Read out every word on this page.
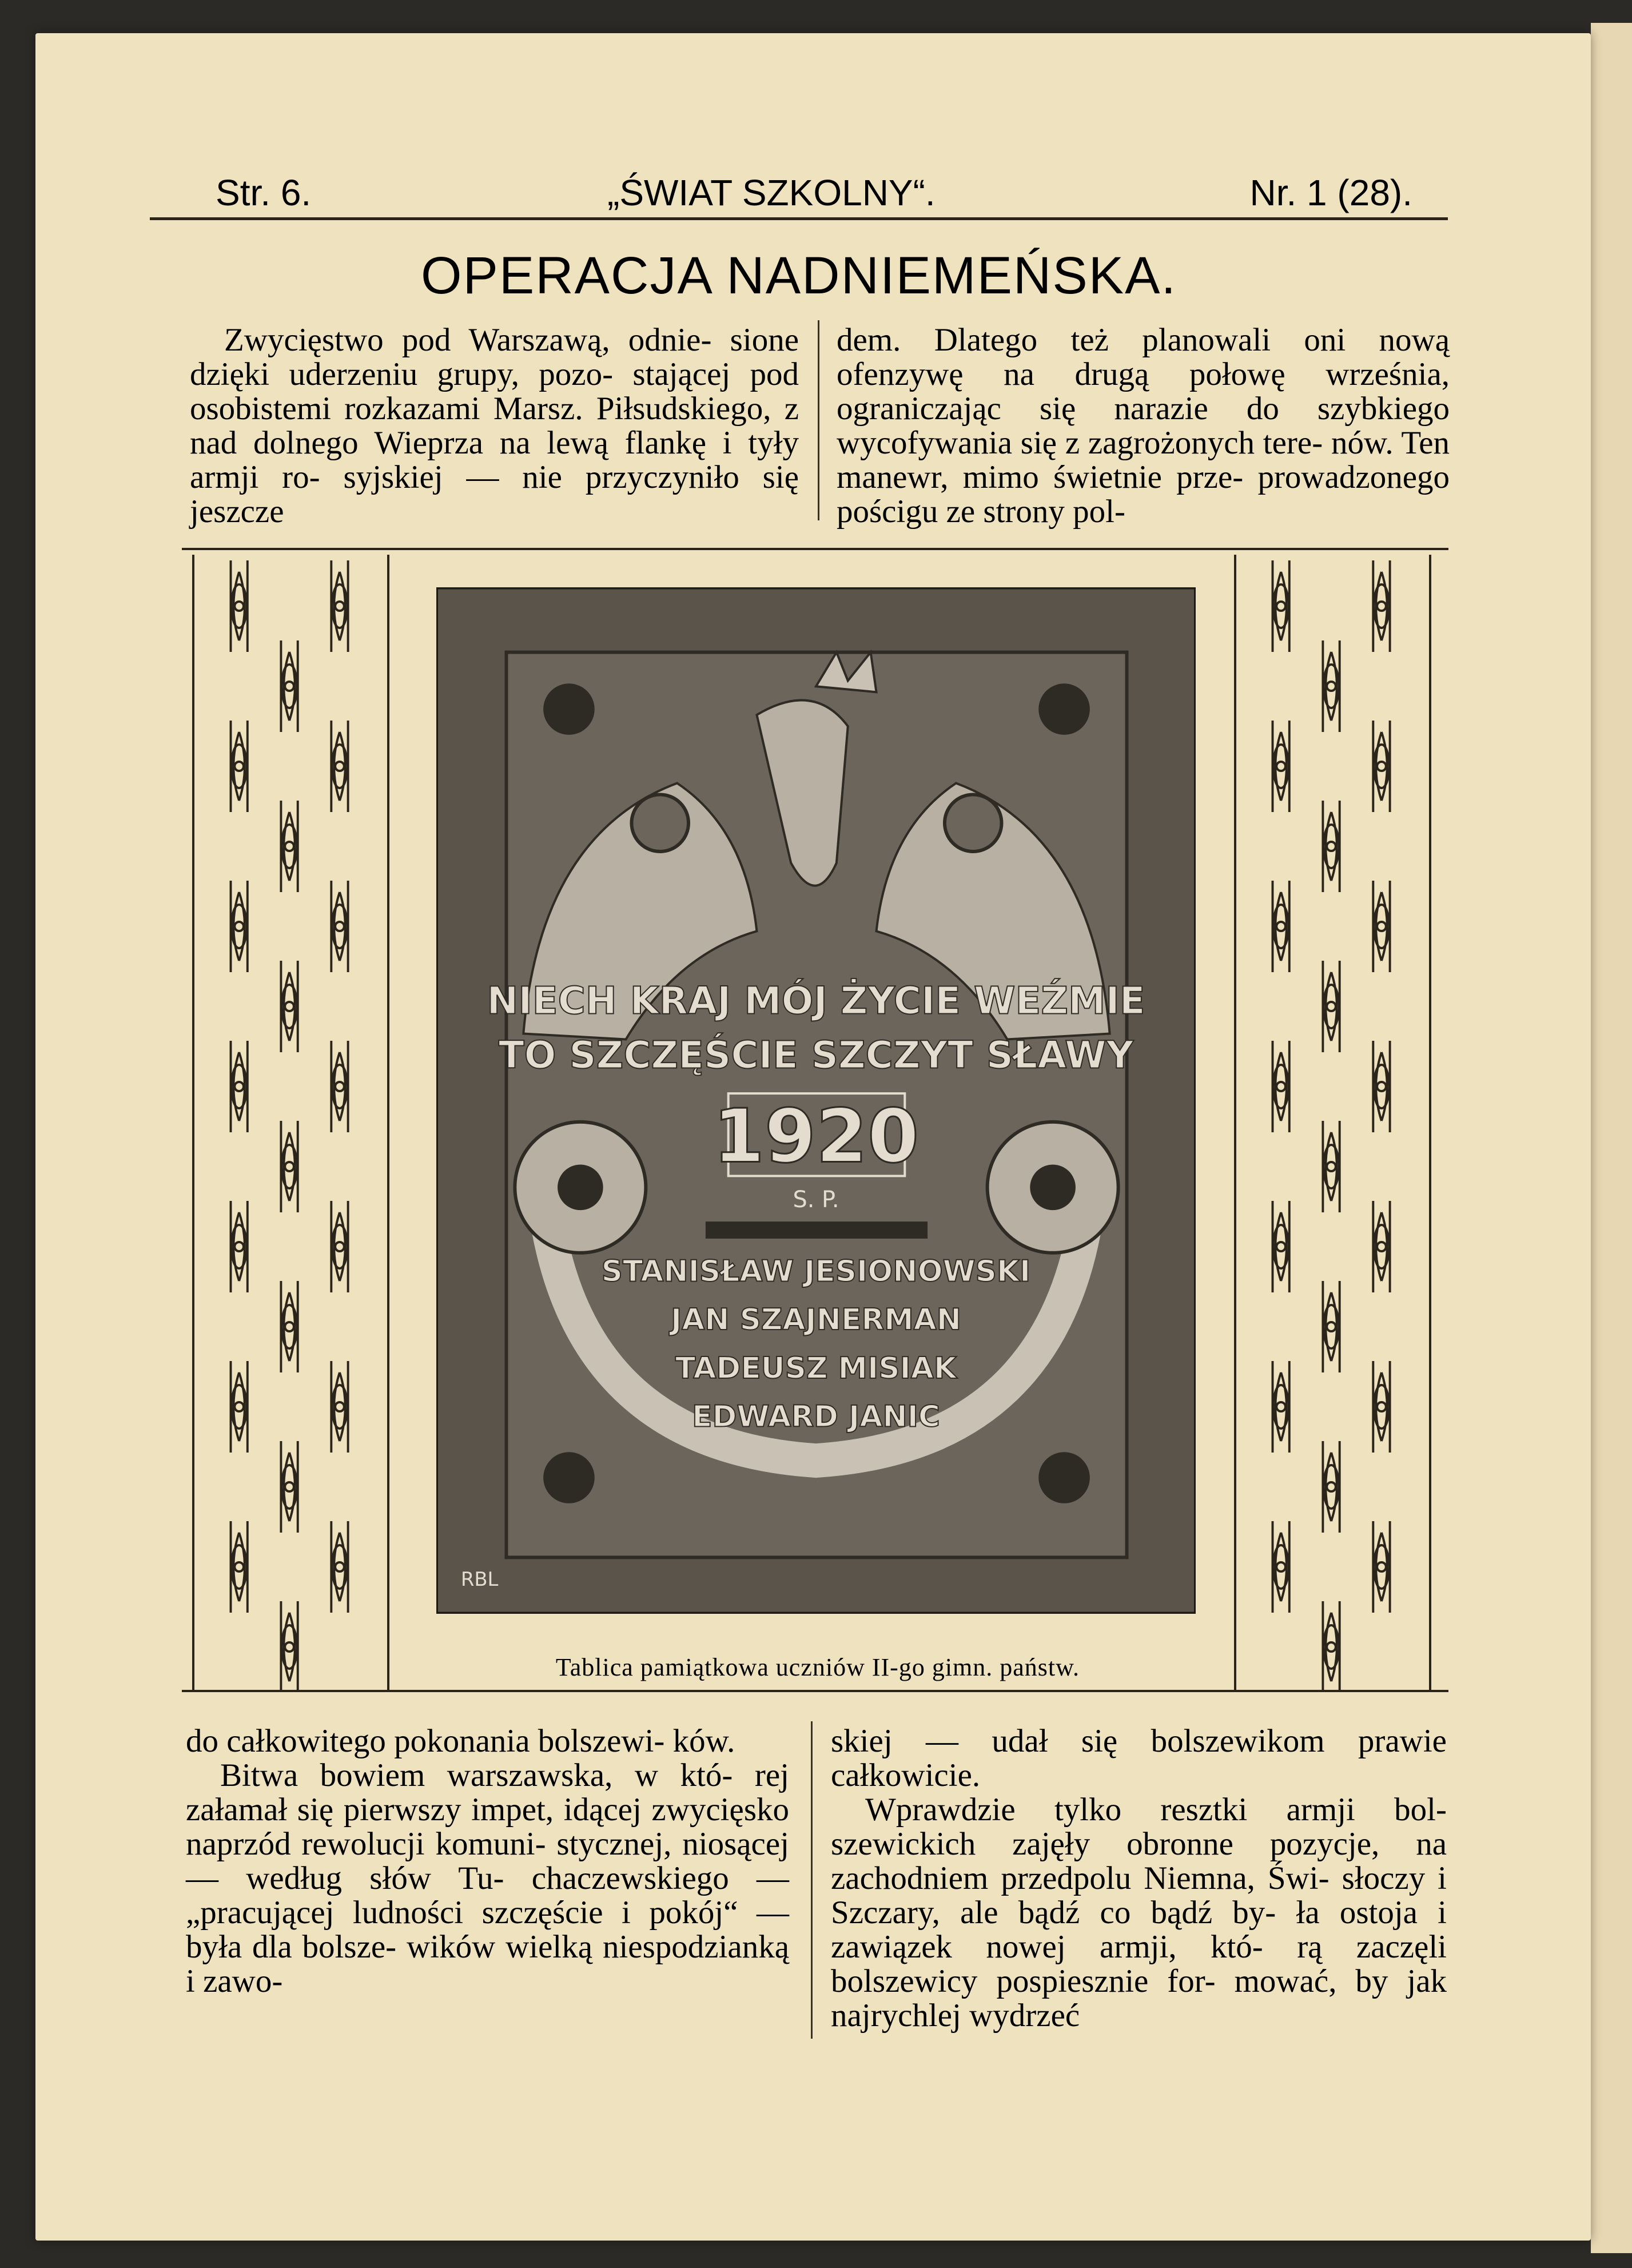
Str. 6.	„ŚWIAT SZKOLNY“.	Nr. 1 (28).
OPERACJA NADNIEMEŃSKA.

Zwycięstwo pod Warszawą, odnie- sione dzięki uderzeniu grupy, pozo- stającej pod osobistemi rozkazami Marsz. Piłsudskiego, z nad dolnego Wieprza na lewą flankę i tyły armji ro- syjskiej — nie przyczyniło się jeszcze

dem. Dlatego też planowali oni nową ofenzywę na drugą połowę września, ograniczając się narazie do szybkiego wycofywania się z zagrożonych tere- nów. Ten manewr, mimo świetnie prze- prowadzonego pościgu ze strony pol-

NIECH KRAJ MÓJ ŻYCIE WEŹMIE
TO SZCZĘŚCIE SZCZYT SŁAWY
1920
S. P.
STANISŁAW JESIONOWSKI
JAN SZAJNERMAN
TADEUSZ MISIAK
EDWARD JANIC
RBL
Tablica pamiątkowa uczniów II-go gimn. państw.

do całkowitego pokonania bolszewi- ków.

Bitwa bowiem warszawska, w któ- rej załamał się pierwszy impet, idącej zwycięsko naprzód rewolucji komuni- stycznej, niosącej — według słów Tu- chaczewskiego — „pracującej ludności szczęście i pokój“ — była dla bolsze- wików wielką niespodzianką i zawo-

skiej — udał się bolszewikom prawie całkowicie.

Wprawdzie tylko resztki armji bol- szewickich zajęły obronne pozycje, na zachodniem przedpolu Niemna, Świ- słoczy i Szczary, ale bądź co bądź by- ła ostoja i zawiązek nowej armji, któ- rą zaczęli bolszewicy pospiesznie for- mować, by jak najrychlej wydrzeć
